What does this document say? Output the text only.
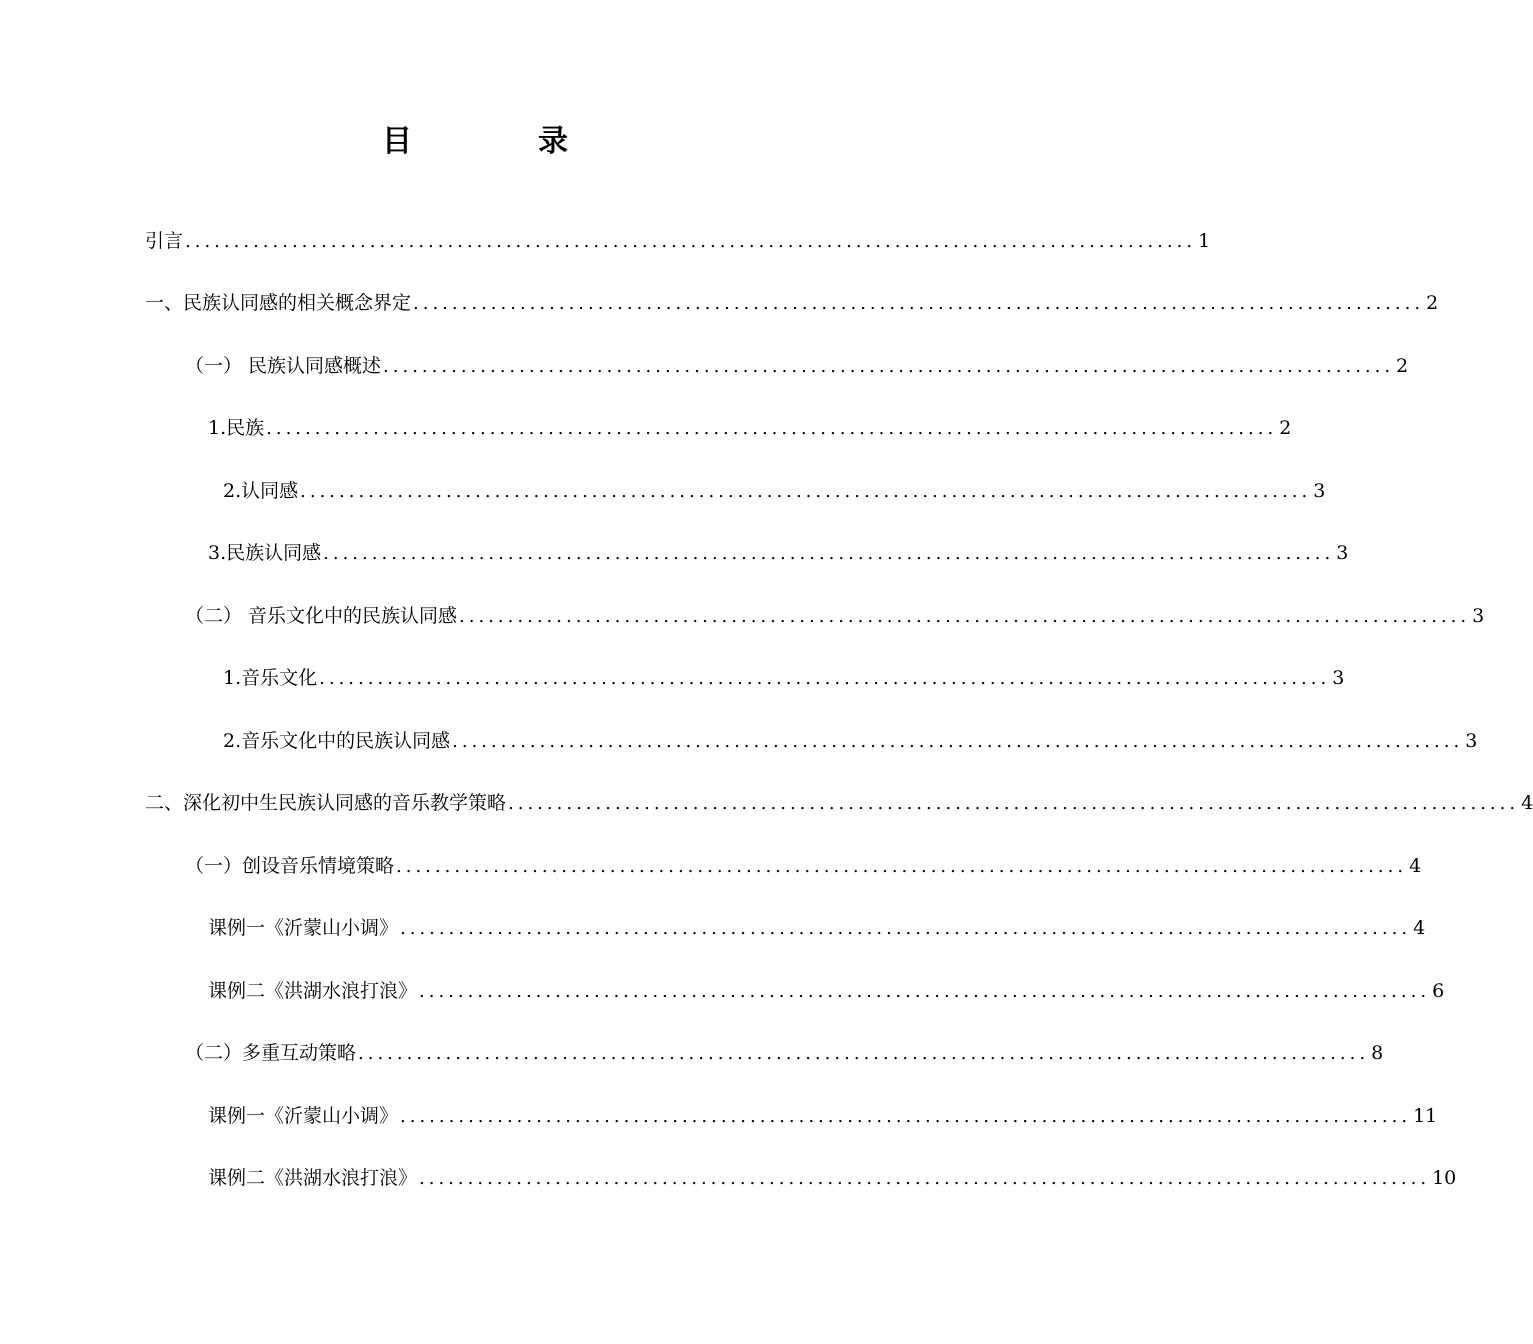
目　录
引言 ........................................................................................................ 1
一、民族认同感的相关概念界定 ........................................................................................................ 2
（一） 民族认同感概述 ........................................................................................................ 2
1.民族 ........................................................................................................ 2
2.认同感 ........................................................................................................ 3
3.民族认同感 ........................................................................................................ 3
（二） 音乐文化中的民族认同感 ........................................................................................................ 3
1.音乐文化 ........................................................................................................ 3
2.音乐文化中的民族认同感 ........................................................................................................ 3
二、深化初中生民族认同感的音乐教学策略 ........................................................................................................ 4
（一）创设音乐情境策略 ........................................................................................................ 4
课例一《沂蒙山小调》 ........................................................................................................ 4
课例二《洪湖水浪打浪》 ........................................................................................................ 6
（二）多重互动策略 ........................................................................................................ 8
课例一《沂蒙山小调》 ........................................................................................................ 11
课例二《洪湖水浪打浪》 ........................................................................................................ 10
